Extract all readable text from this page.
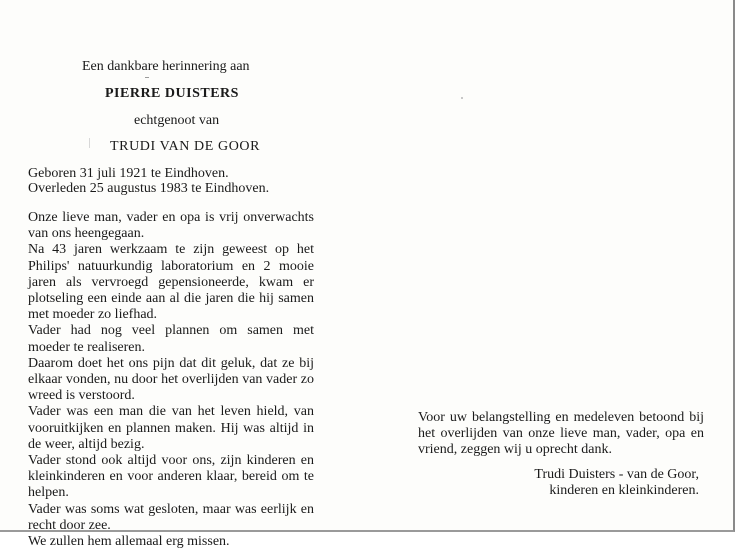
Een dankbare herinnering aan
PIERRE DUISTERS
echtgenoot van
TRUDI VAN DE GOOR
Geboren 31 juli 1921 te Eindhoven.
Overleden 25 augustus 1983 te Eindhoven.

Onze lieve man, vader en opa is vrij onverwachts van ons heengegaan.

Na 43 jaren werkzaam te zijn geweest op het Philips' natuurkundig laboratorium en 2 mooie jaren als vervroegd gepensioneerde, kwam er plotseling een einde aan al die jaren die hij samen met moeder zo liefhad.

Vader had nog veel plannen om samen met moeder te realiseren.

Daarom doet het ons pijn dat dit geluk, dat ze bij elkaar vonden, nu door het overlijden van vader zo wreed is verstoord.

Vader was een man die van het leven hield, van vooruitkijken en plannen maken. Hij was altijd in de weer, altijd bezig.

Vader stond ook altijd voor ons, zijn kinderen en kleinkinderen en voor anderen klaar, bereid om te helpen.

Vader was soms wat gesloten, maar was eerlijk en recht door zee.

We zullen hem allemaal erg missen.

Voor uw belangstelling en medeleven betoond bij het overlijden van onze lieve man, vader, opa en vriend, zeggen wij u oprecht dank.

Trudi Duisters - van de Goor,
kinderen en kleinkinderen.
